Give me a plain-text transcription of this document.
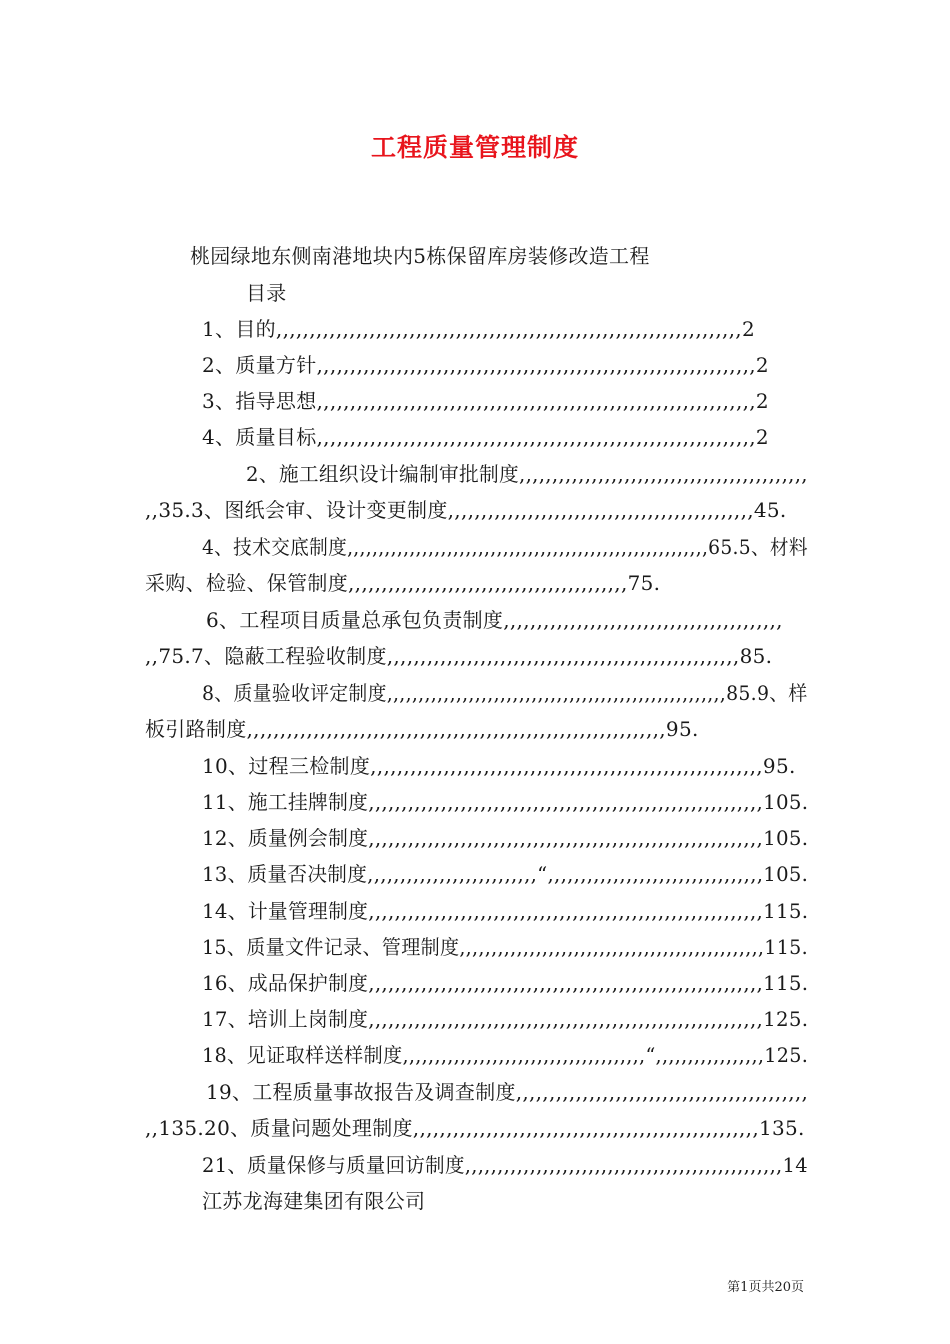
工程质量管理制度
桃园绿地东侧南港地块内5栋保留库房装修改造工程
目录
1、目的,,,,,,,,,,,,,,,,,,,,,,,,,,,,,,,,,,,,,,,,,,,,,,,,,,,,,,,,,,,,,,,,,,,,,,2
2、质量方针,,,,,,,,,,,,,,,,,,,,,,,,,,,,,,,,,,,,,,,,,,,,,,,,,,,,,,,,,,,,,,,,,,2
3、指导思想,,,,,,,,,,,,,,,,,,,,,,,,,,,,,,,,,,,,,,,,,,,,,,,,,,,,,,,,,,,,,,,,,,2
4、质量目标,,,,,,,,,,,,,,,,,,,,,,,,,,,,,,,,,,,,,,,,,,,,,,,,,,,,,,,,,,,,,,,,,,2
2、施工组织设计编制审批制度,,,,,,,,,,,,,,,,,,,,,,,,,,,,,,,,,,,,,,,,,,,,
,,35.3、图纸会审、设计变更制度,,,,,,,,,,,,,,,,,,,,,,,,,,,,,,,,,,,,,,,,,,,,,,45.
4、技术交底制度,,,,,,,,,,,,,,,,,,,,,,,,,,,,,,,,,,,,,,,,,,,,,,,,,,,,,,,,,,65.5、材料
采购、检验、保管制度,,,,,,,,,,,,,,,,,,,,,,,,,,,,,,,,,,,,,,,,,,75.
6、工程项目质量总承包负责制度,,,,,,,,,,,,,,,,,,,,,,,,,,,,,,,,,,,,,,,,,,
,,75.7、隐蔽工程验收制度,,,,,,,,,,,,,,,,,,,,,,,,,,,,,,,,,,,,,,,,,,,,,,,,,,,,,85.
8、质量验收评定制度,,,,,,,,,,,,,,,,,,,,,,,,,,,,,,,,,,,,,,,,,,,,,,,,,,,,,,85.9、样
板引路制度,,,,,,,,,,,,,,,,,,,,,,,,,,,,,,,,,,,,,,,,,,,,,,,,,,,,,,,,,,,,,,,95.
10、过程三检制度,,,,,,,,,,,,,,,,,,,,,,,,,,,,,,,,,,,,,,,,,,,,,,,,,,,,,,,,,,,95.
11、施工挂牌制度,,,,,,,,,,,,,,,,,,,,,,,,,,,,,,,,,,,,,,,,,,,,,,,,,,,,,,,,,,,,105.
12、质量例会制度,,,,,,,,,,,,,,,,,,,,,,,,,,,,,,,,,,,,,,,,,,,,,,,,,,,,,,,,,,,,105.
13、质量否决制度,,,,,,,,,,,,,,,,,,,,,,,,,,“,,,,,,,,,,,,,,,,,,,,,,,,,,,,,,,,,105.
14、计量管理制度,,,,,,,,,,,,,,,,,,,,,,,,,,,,,,,,,,,,,,,,,,,,,,,,,,,,,,,,,,,,115.
15、质量文件记录、管理制度,,,,,,,,,,,,,,,,,,,,,,,,,,,,,,,,,,,,,,,,,,,,,,,,115.
16、成品保护制度,,,,,,,,,,,,,,,,,,,,,,,,,,,,,,,,,,,,,,,,,,,,,,,,,,,,,,,,,,,,115.
17、培训上岗制度,,,,,,,,,,,,,,,,,,,,,,,,,,,,,,,,,,,,,,,,,,,,,,,,,,,,,,,,,,,,125.
18、见证取样送样制度,,,,,,,,,,,,,,,,,,,,,,,,,,,,,,,,,,,,,,“,,,,,,,,,,,,,,,,,125.
19、工程质量事故报告及调查制度,,,,,,,,,,,,,,,,,,,,,,,,,,,,,,,,,,,,,,,,,,,,
,,135.20、质量问题处理制度,,,,,,,,,,,,,,,,,,,,,,,,,,,,,,,,,,,,,,,,,,,,,,,,,,,,135.
21、质量保修与质量回访制度,,,,,,,,,,,,,,,,,,,,,,,,,,,,,,,,,,,,,,,,,,,,,,,,,14
江苏龙海建集团有限公司
第1页共20页
